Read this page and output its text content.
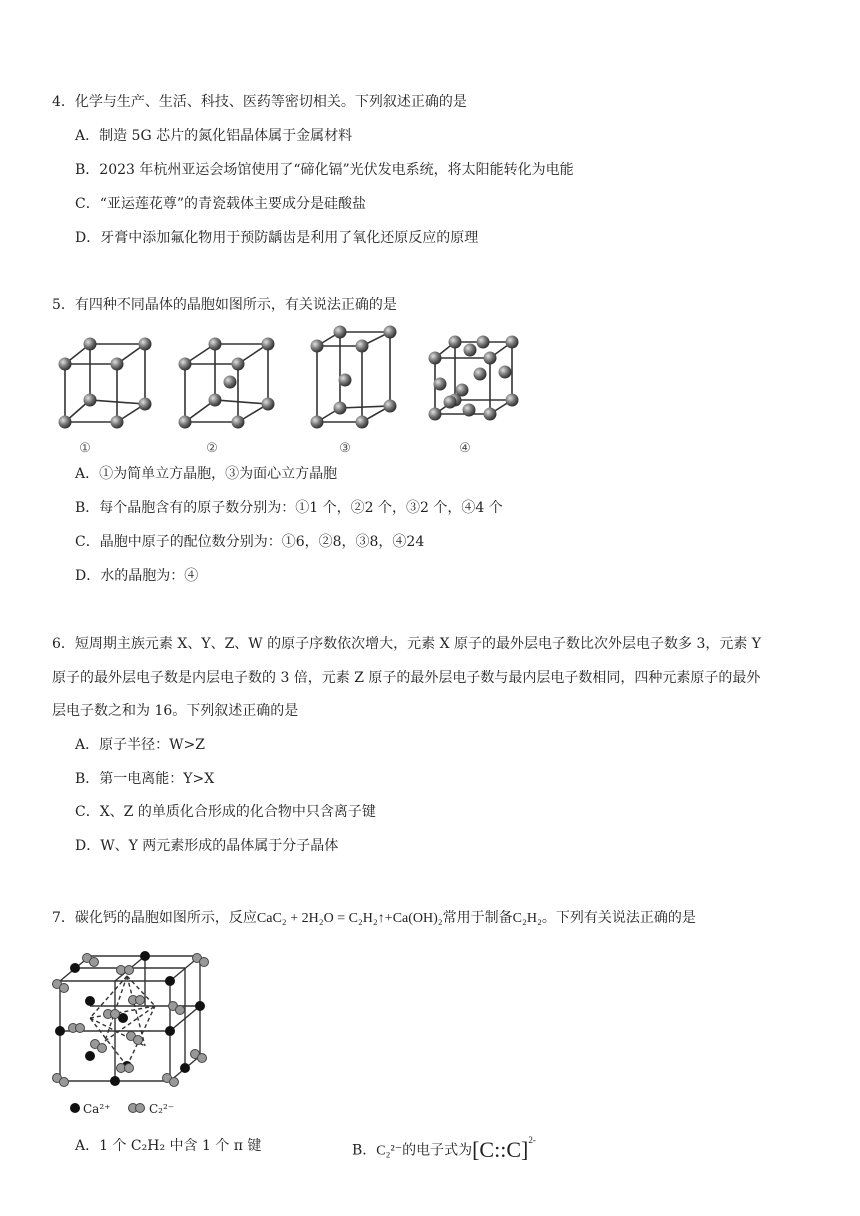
4．化学与生产、生活、科技、医药等密切相关。下列叙述正确的是
A．制造 5G 芯片的氮化铝晶体属于金属材料
B．2023 年杭州亚运会场馆使用了“碲化镉”光伏发电系统，将太阳能转化为电能
C．“亚运莲花尊”的青瓷载体主要成分是硅酸盐
D．牙膏中添加氟化物用于预防龋齿是利用了氧化还原反应的原理
5．有四种不同晶体的晶胞如图所示，有关说法正确的是
①	②	③	④
A．①为简单立方晶胞，③为面心立方晶胞
B．每个晶胞含有的原子数分别为：①1 个，②2 个，③2 个，④4 个
C．晶胞中原子的配位数分别为：①6，②8，③8，④24
D．水的晶胞为：④
6．短周期主族元素 X、Y、Z、W 的原子序数依次增大，元素 X 原子的最外层电子数比次外层电子数多 3，元素 Y
原子的最外层电子数是内层电子数的 3 倍，元素 Z 原子的最外层电子数与最内层电子数相同，四种元素原子的最外
层电子数之和为 16。下列叙述正确的是
A．原子半径：W>Z
B．第一电离能：Y>X
C．X、Z 的单质化合形成的化合物中只含离子键
D．W、Y 两元素形成的晶体属于分子晶体
7．碳化钙的晶胞如图所示，反应CaC₂ + 2H₂O = C₂H₂↑+Ca(OH)₂常用于制备C₂H₂。下列有关说法正确的是
Ca²⁺	C₂²⁻
A．1 个 C₂H₂ 中含 1 个 π 键	B．C₂²⁻的电子式为[C::C]$^{2-}$
